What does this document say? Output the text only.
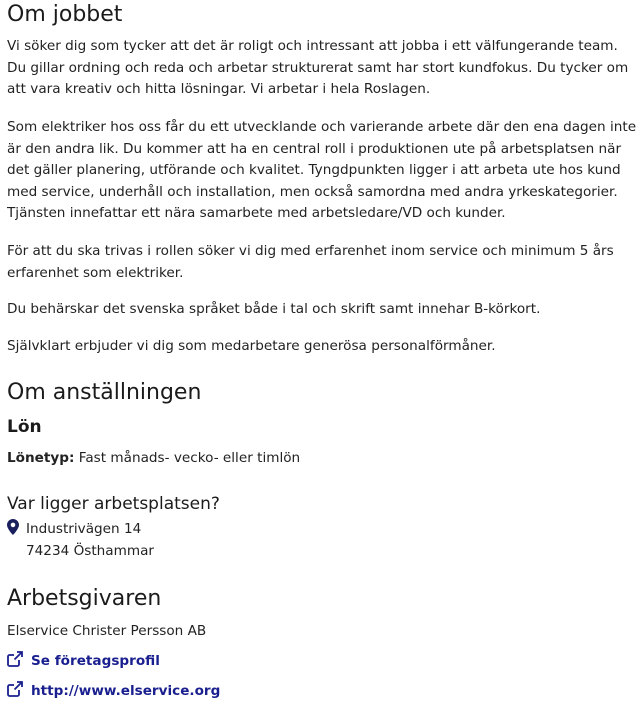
Om jobbet

Vi söker dig som tycker att det är roligt och intressant att jobba i ett välfungerande team. Du gillar ordning och reda och arbetar strukturerat samt har stort kundfokus. Du tycker om att vara kreativ och hitta lösningar. Vi arbetar i hela Roslagen.

Som elektriker hos oss får du ett utvecklande och varierande arbete där den ena dagen inte är den andra lik. Du kommer att ha en central roll i produktionen ute på arbetsplatsen när det gäller planering, utförande och kvalitet. Tyngdpunkten ligger i att arbeta ute hos kund med service, underhåll och installation, men också samordna med andra yrkeskategorier. Tjänsten innefattar ett nära samarbete med arbetsledare/VD och kunder.

För att du ska trivas i rollen söker vi dig med erfarenhet inom service och minimum 5 års erfarenhet som elektriker.

Du behärskar det svenska språket både i tal och skrift samt innehar B-körkort.

Självklart erbjuder vi dig som medarbetare generösa personalförmåner.

Om anställningen
Lön

Lönetyp: Fast månads- vecko- eller timlön

Var ligger arbetsplatsen?

Industrivägen 14

74234 Östhammar

Arbetsgivaren

Elservice Christer Persson AB

Se företagsprofil
http://www.elservice.org
